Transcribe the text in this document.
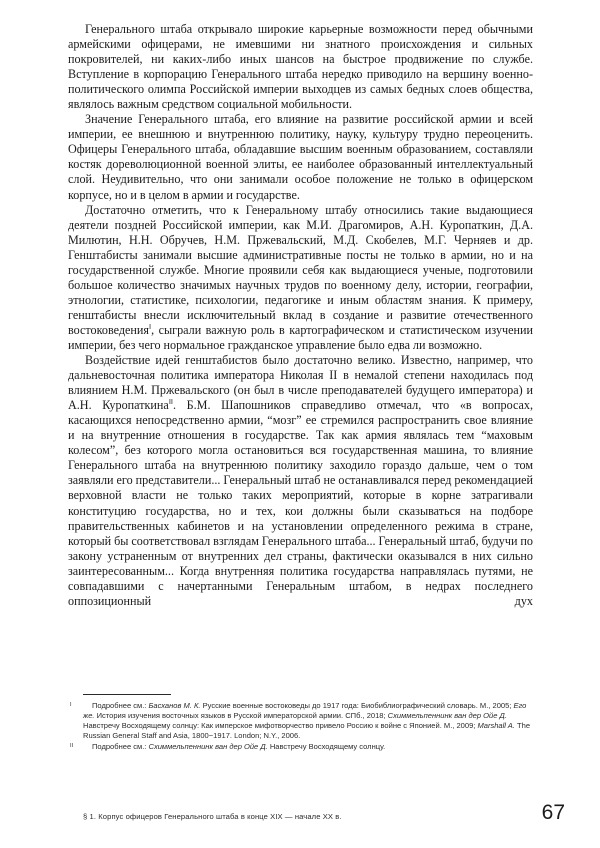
Генерального штаба открывало широкие карьерные возможности перед обычными армейскими офицерами, не имевшими ни знатного происхождения и сильных покровителей, ни каких-либо иных шансов на быстрое продвижение по службе. Вступление в корпорацию Генерального штаба нередко приводило на вершину военно-политического олимпа Российской империи выходцев из самых бедных слоев общества, являлось важным средством социальной мобильности.

Значение Генерального штаба, его влияние на развитие российской армии и всей империи, ее внешнюю и внутреннюю политику, науку, культуру трудно переоценить. Офицеры Генерального штаба, обладавшие высшим военным образованием, составляли костяк дореволюционной военной элиты, ее наиболее образованный интеллектуальный слой. Неудивительно, что они занимали особое положение не только в офицерском корпусе, но и в целом в армии и государстве.

Достаточно отметить, что к Генеральному штабу относились такие выдающиеся деятели поздней Российской империи, как М.И. Драгомиров, А.Н. Куропаткин, Д.А. Милютин, Н.Н. Обручев, Н.М. Пржевальский, М.Д. Скобелев, М.Г. Черняев и др. Генштабисты занимали высшие административные посты не только в армии, но и на государственной службе. Многие проявили себя как выдающиеся ученые, подготовили большое количество значимых научных трудов по военному делу, истории, географии, этнологии, статистике, психологии, педагогике и иным областям знания. К примеру, генштабисты внесли исключительный вклад в создание и развитие отечественного востоковедения$^I$, сыграли важную роль в картографическом и статистическом изучении империи, без чего нормальное гражданское управление было едва ли возможно.

Воздействие идей генштабистов было достаточно велико. Известно, например, что дальневосточная политика императора Николая II в немалой степени находилась под влиянием Н.М. Пржевальского (он был в числе преподавателей будущего императора) и А.Н. Куропаткина$^{II}$. Б.М. Шапошников справедливо отмечал, что «в вопросах, касающихся непосредственно армии, “мозг” ее стремился распространить свое влияние и на внутренние отношения в государстве. Так как армия являлась тем “маховым колесом”, без которого могла остановиться вся государственная машина, то влияние Генерального штаба на внутреннюю политику заходило гораздо дальше, чем о том заявляли его представители... Генеральный штаб не останавливался перед рекомендацией верховной власти не только таких мероприятий, которые в корне затрагивали конституцию государства, но и тех, кои должны были сказываться на подборе правительственных кабинетов и на установлении определенного режима в стране, который бы соответствовал взглядам Генерального штаба... Генеральный штаб, будучи по закону устраненным от внутренних дел страны, фактически оказывался в них сильно заинтересованным... Когда внутренняя политика государства направлялась путями, не совпадавшими с начертанными Генеральным штабом, в недрах последнего оппозиционный дух

I	Подробнее см.: Басханов М. К. Русские военные востоковеды до 1917 года: Биобиблиографический словарь. М., 2005; Его же. История изучения восточных языков в Русской императорской армии. СПб., 2018; Схиммельпеннинк ван дер Ойе Д. Навстречу Восходящему солнцу: Как имперское мифотворчество привело Россию к войне с Японией. М., 2009; Marshall A. The Russian General Staff and Asia, 1800−1917. London; N.Y., 2006.
II	Подробнее см.: Схиммельпеннинк ван дер Ойе Д. Навстречу Восходящему солнцу.
§ 1. Корпус офицеров Генерального штаба в конце XIX — начале XX в.	67
